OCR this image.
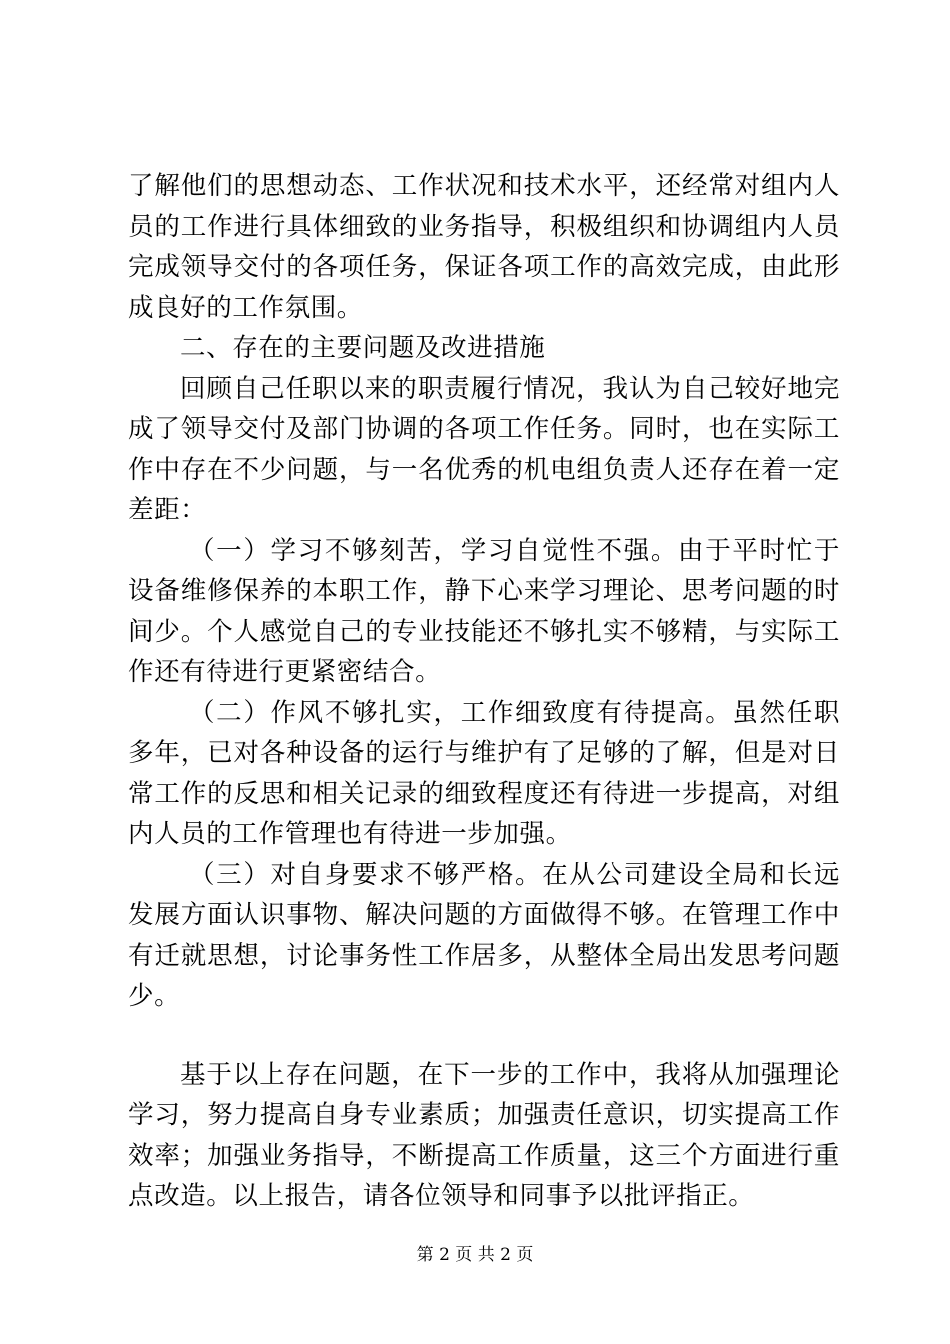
了解他们的思想动态、工作状况和技术水平，还经常对组内人员的工作进行具体细致的业务指导，积极组织和协调组内人员完成领导交付的各项任务，保证各项工作的高效完成，由此形成良好的工作氛围。

二、存在的主要问题及改进措施

回顾自己任职以来的职责履行情况，我认为自己较好地完成了领导交付及部门协调的各项工作任务。同时，也在实际工作中存在不少问题，与一名优秀的机电组负责人还存在着一定差距：

（一）学习不够刻苦，学习自觉性不强。由于平时忙于设备维修保养的本职工作，静下心来学习理论、思考问题的时间少。个人感觉自己的专业技能还不够扎实不够精，与实际工作还有待进行更紧密结合。

（二）作风不够扎实，工作细致度有待提高。虽然任职多年，已对各种设备的运行与维护有了足够的了解，但是对日常工作的反思和相关记录的细致程度还有待进一步提高，对组内人员的工作管理也有待进一步加强。

（三）对自身要求不够严格。在从公司建设全局和长远发展方面认识事物、解决问题的方面做得不够。在管理工作中有迁就思想，讨论事务性工作居多，从整体全局出发思考问题少。

基于以上存在问题，在下一步的工作中，我将从加强理论学习，努力提高自身专业素质；加强责任意识，切实提高工作效率；加强业务指导，不断提高工作质量，这三个方面进行重点改造。以上报告，请各位领导和同事予以批评指正。

第 2 页 共 2 页
